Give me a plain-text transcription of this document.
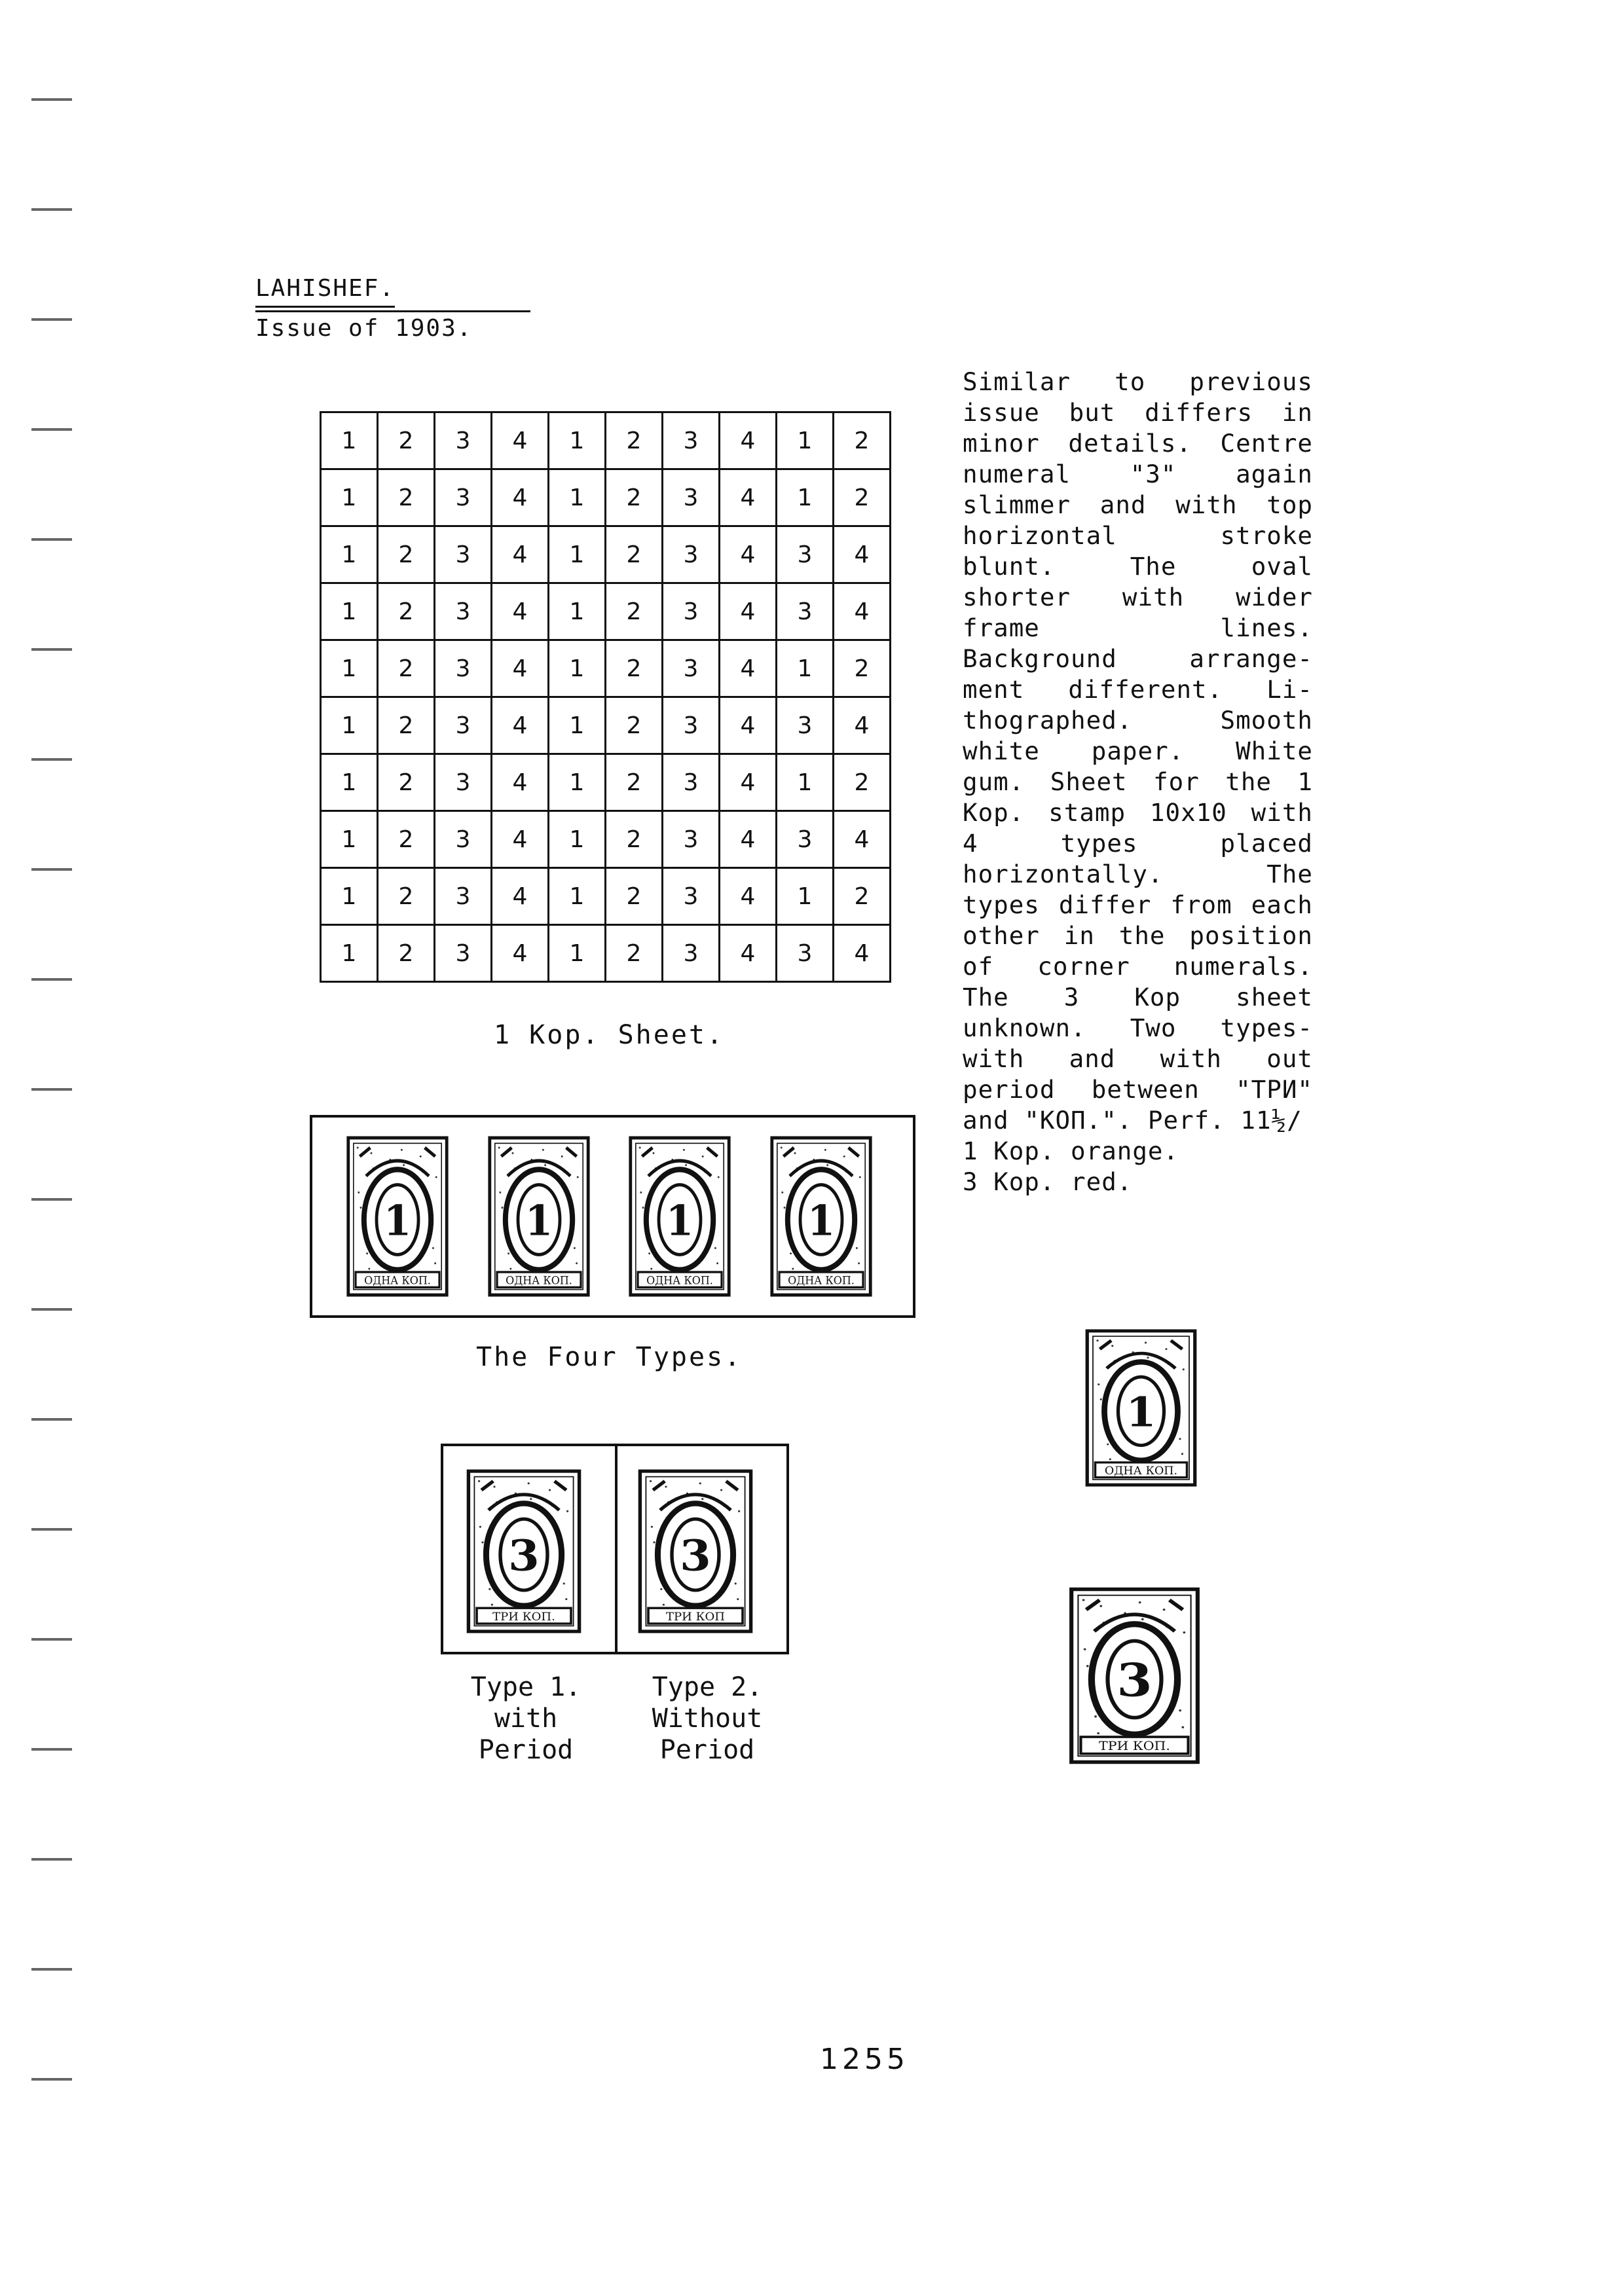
LAHISHEF.
Issue of 1903.
1	2	3	4	1	2	3	4	1	2
1	2	3	4	1	2	3	4	1	2
1	2	3	4	1	2	3	4	3	4
1	2	3	4	1	2	3	4	3	4
1	2	3	4	1	2	3	4	1	2
1	2	3	4	1	2	3	4	3	4
1	2	3	4	1	2	3	4	1	2
1	2	3	4	1	2	3	4	3	4
1	2	3	4	1	2	3	4	1	2
1	2	3	4	1	2	3	4	3	4
1 Kop. Sheet.
1
ОДНА КОП.
1
ОДНА КОП.
1
ОДНА КОП.
1
ОДНА КОП.
The Four Types.
3
ТРИ КОП.
3
ТРИ КОП
Type 1.
with
Period
Type 2.
Without
Period
1
ОДНА КОП.
3
ТРИ КОП.
Similar to previous issue but differs in minor details. Centre numeral "3" again slimmer and with top horizontal stroke blunt. The oval shorter with wider frame lines. Background arrange-ment different. Li-thographed. Smooth white paper. White gum. Sheet for the 1 Kop. stamp 10x10 with 4 types placed horizontally. The types differ from each other in the position of corner numerals. The 3 Kop sheet unknown. Two types-with and with out period between "ТРИ" and "КОП.". Perf. 11½/
1 Kop. orange.
3 Kop. red.
1255
